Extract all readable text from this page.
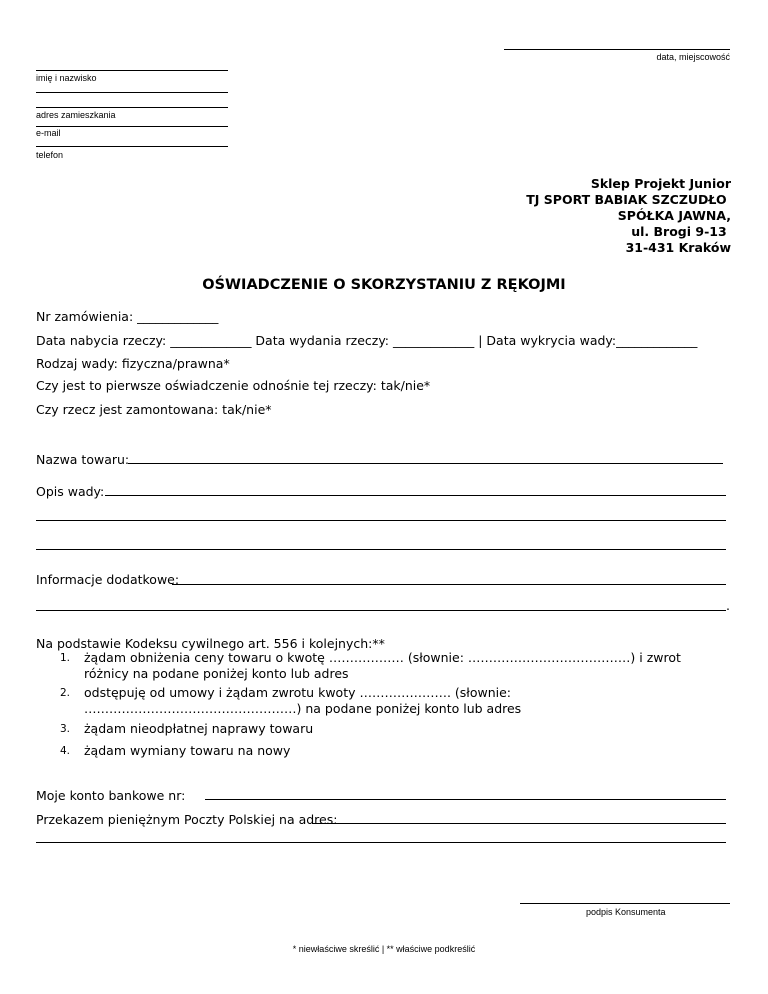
data, miejscowość
imię i nazwisko
adres zamieszkania
e-mail
telefon
Sklep Projekt Junior
TJ SPORT BABIAK SZCZUDŁO
SPÓŁKA JAWNA,
ul. Brogi 9-13
31-431 Kraków
OŚWIADCZENIE O SKORZYSTANIU Z RĘKOJMI
Nr zamówienia: _____________
Data nabycia rzeczy: _____________ Data wydania rzeczy: _____________ | Data wykrycia wady:_____________
Rodzaj wady: fizyczna/prawna*
Czy jest to pierwsze oświadczenie odnośnie tej rzeczy: tak/nie*
Czy rzecz jest zamontowana: tak/nie*
Nazwa towaru:
Opis wady:
Informacje dodatkowe:
.
Na podstawie Kodeksu cywilnego art. 556 i kolejnych:**
1. żądam obniżenia ceny towaru o kwotę ……………… (słownie: …………………………………) i zwrot różnicy na podane poniżej konto lub adres
2. odstępuję od umowy i żądam zwrotu kwoty …………………. (słownie: ……………………………………………) na podane poniżej konto lub adres
3. żądam nieodpłatnej naprawy towaru
4. żądam wymiany towaru na nowy
Moje konto bankowe nr:
Przekazem pieniężnym Poczty Polskiej na adres:
podpis Konsumenta
* niewłaściwe skreślić | ** właściwe podkreślić
